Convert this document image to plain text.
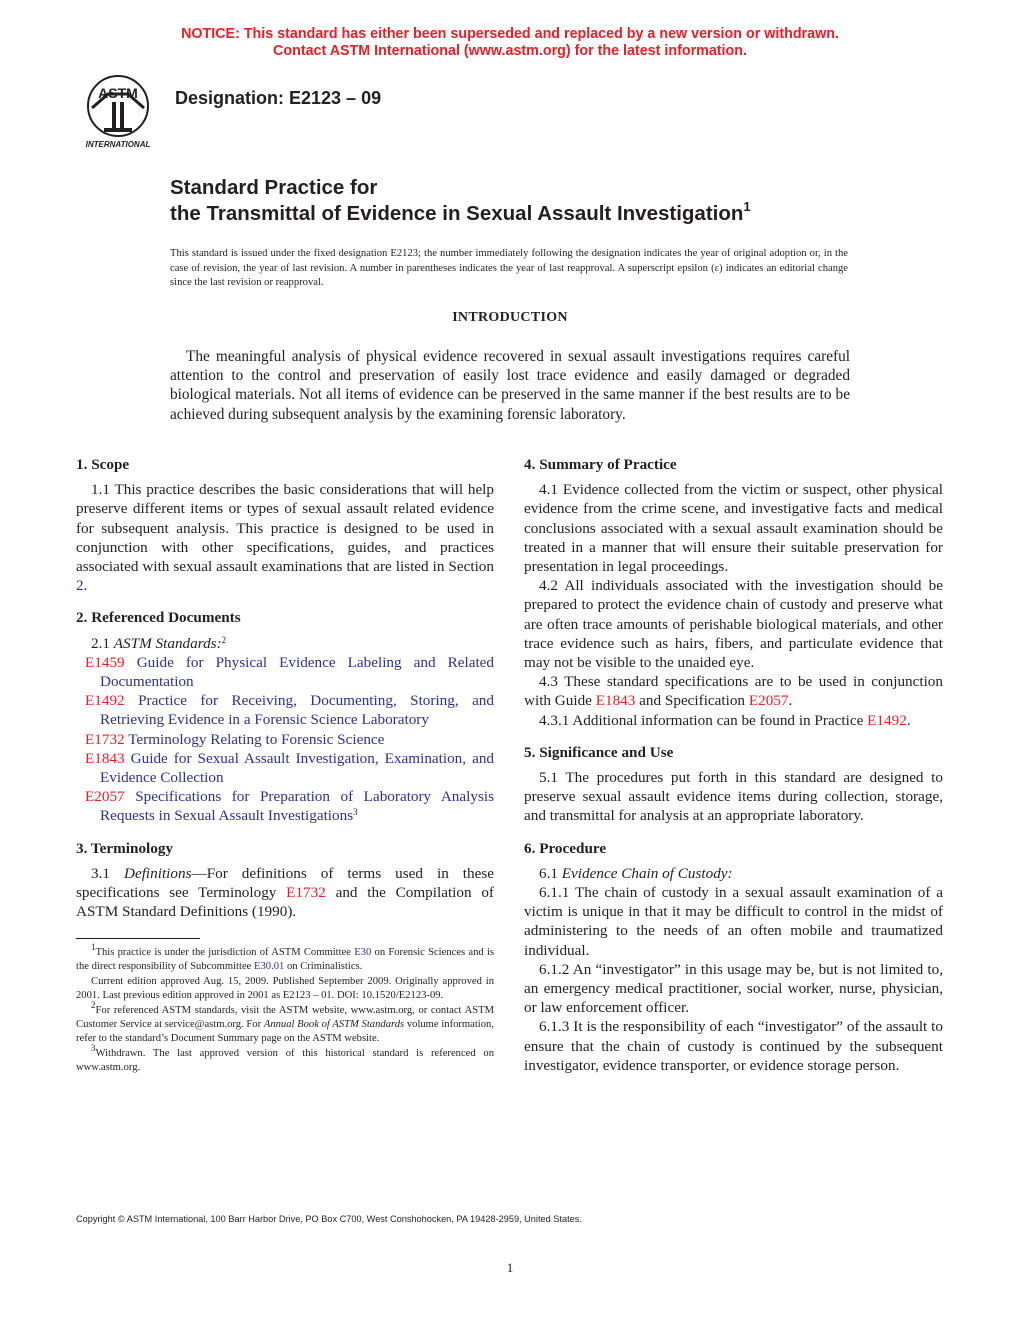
NOTICE: This standard has either been superseded and replaced by a new version or withdrawn.
Contact ASTM International (www.astm.org) for the latest information.
ASTM
INTERNATIONAL
Designation: E2123 – 09
Standard Practice for
the Transmittal of Evidence in Sexual Assault Investigation$^1$
This standard is issued under the fixed designation E2123; the number immediately following the designation indicates the year of original adoption or, in the case of revision, the year of last revision. A number in parentheses indicates the year of last reapproval. A superscript epsilon (ε) indicates an editorial change since the last revision or reapproval.
INTRODUCTION
The meaningful analysis of physical evidence recovered in sexual assault investigations requires careful attention to the control and preservation of easily lost trace evidence and easily damaged or degraded biological materials. Not all items of evidence can be preserved in the same manner if the best results are to be achieved during subsequent analysis by the examining forensic laboratory.
1. Scope

1.1 This practice describes the basic considerations that will help preserve different items or types of sexual assault related evidence for subsequent analysis. This practice is designed to be used in conjunction with other specifications, guides, and practices associated with sexual assault examinations that are listed in Section 2.

2. Referenced Documents

2.1 ASTM Standards:$^2$

E1459 Guide for Physical Evidence Labeling and Related Documentation

E1492 Practice for Receiving, Documenting, Storing, and Retrieving Evidence in a Forensic Science Laboratory

E1732 Terminology Relating to Forensic Science

E1843 Guide for Sexual Assault Investigation, Examination, and Evidence Collection

E2057 Specifications for Preparation of Laboratory Analysis Requests in Sexual Assault Investigations$^3$

3. Terminology

3.1 Definitions—For definitions of terms used in these specifications see Terminology E1732 and the Compilation of ASTM Standard Definitions (1990).

$^1$This practice is under the jurisdiction of ASTM Committee E30 on Forensic Sciences and is the direct responsibility of Subcommittee E30.01 on Criminalistics.

Current edition approved Aug. 15, 2009. Published September 2009. Originally approved in 2001. Last previous edition approved in 2001 as E2123 – 01. DOI: 10.1520/E2123-09.

$^2$For referenced ASTM standards, visit the ASTM website, www.astm.org, or contact ASTM Customer Service at service@astm.org. For Annual Book of ASTM Standards volume information, refer to the standard’s Document Summary page on the ASTM website.

$^3$Withdrawn. The last approved version of this historical standard is referenced on www.astm.org.

4. Summary of Practice

4.1 Evidence collected from the victim or suspect, other physical evidence from the crime scene, and investigative facts and medical conclusions associated with a sexual assault examination should be treated in a manner that will ensure their suitable preservation for presentation in legal proceedings.

4.2 All individuals associated with the investigation should be prepared to protect the evidence chain of custody and preserve what are often trace amounts of perishable biological materials, and other trace evidence such as hairs, fibers, and particulate evidence that may not be visible to the unaided eye.

4.3 These standard specifications are to be used in conjunction with Guide E1843 and Specification E2057.

4.3.1 Additional information can be found in Practice E1492.

5. Significance and Use

5.1 The procedures put forth in this standard are designed to preserve sexual assault evidence items during collection, storage, and transmittal for analysis at an appropriate laboratory.

6. Procedure

6.1 Evidence Chain of Custody:

6.1.1 The chain of custody in a sexual assault examination of a victim is unique in that it may be difficult to control in the midst of administering to the needs of an often mobile and traumatized individual.

6.1.2 An “investigator” in this usage may be, but is not limited to, an emergency medical practitioner, social worker, nurse, physician, or law enforcement officer.

6.1.3 It is the responsibility of each “investigator” of the assault to ensure that the chain of custody is continued by the subsequent investigator, evidence transporter, or evidence storage person.

Copyright © ASTM International, 100 Barr Harbor Drive, PO Box C700, West Conshohocken, PA 19428-2959, United States.
1
